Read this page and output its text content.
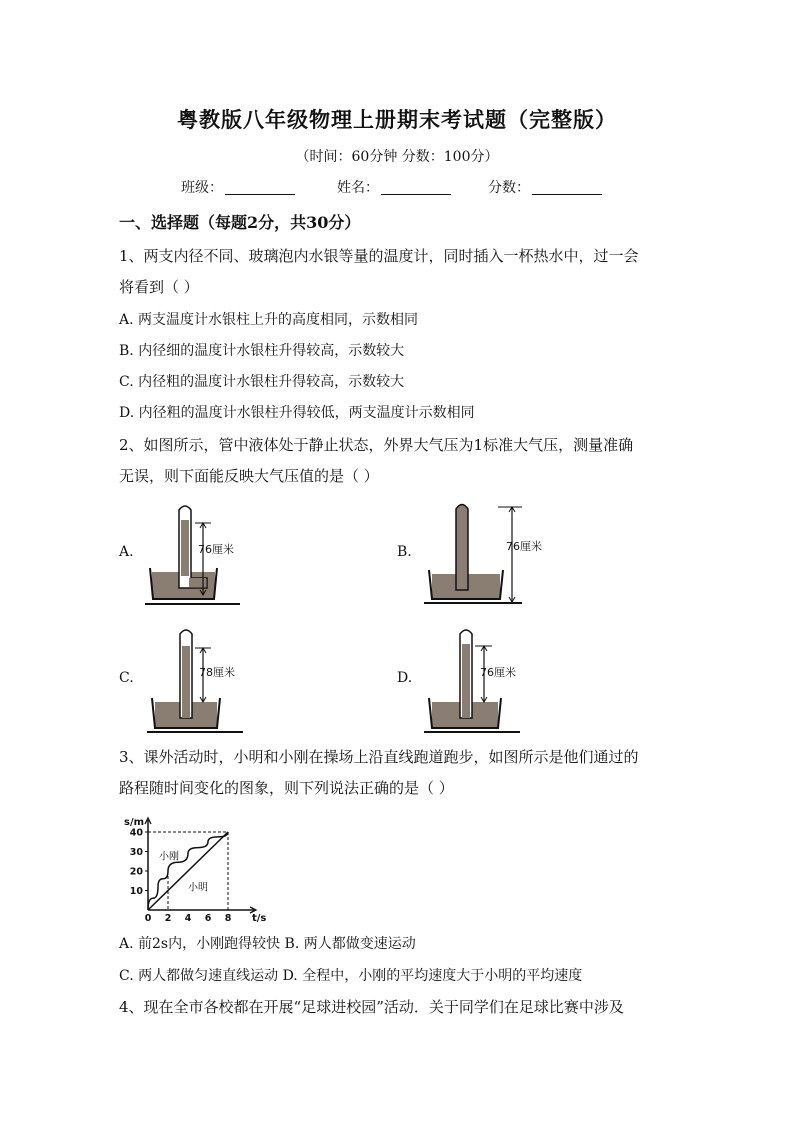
粤教版八年级物理上册期末考试题（完整版）
（时间：60分钟 分数：100分）
班级：	姓名：	分数：
一、选择题（每题2分，共30分）
1、两支内径不同、玻璃泡内水银等量的温度计，同时插入一杯热水中，过一会
将看到（ ）
A. 两支温度计水银柱上升的高度相同，示数相同
B. 内径细的温度计水银柱升得较高，示数较大
C. 内径粗的温度计水银柱升得较高，示数较大
D. 内径粗的温度计水银柱升得较低，两支温度计示数相同
2、如图所示，管中液体处于静止状态，外界大气压为1标准大气压，测量准确
无误，则下面能反映大气压值的是（ ）
A.	76厘米	B.	76厘米
C.	78厘米	D.	76厘米
3、课外活动时，小明和小刚在操场上沿直线跑道跑步，如图所示是他们通过的
路程随时间变化的图象，则下列说法正确的是（ ）
s/m
t/s
10
20
30
40
0 2 4 6 8
小刚
小明
A. 前2s内，小刚跑得较快 B. 两人都做变速运动
C. 两人都做匀速直线运动 D. 全程中，小刚的平均速度大于小明的平均速度
4、现在全市各校都在开展“足球进校园”活动．关于同学们在足球比赛中涉及
